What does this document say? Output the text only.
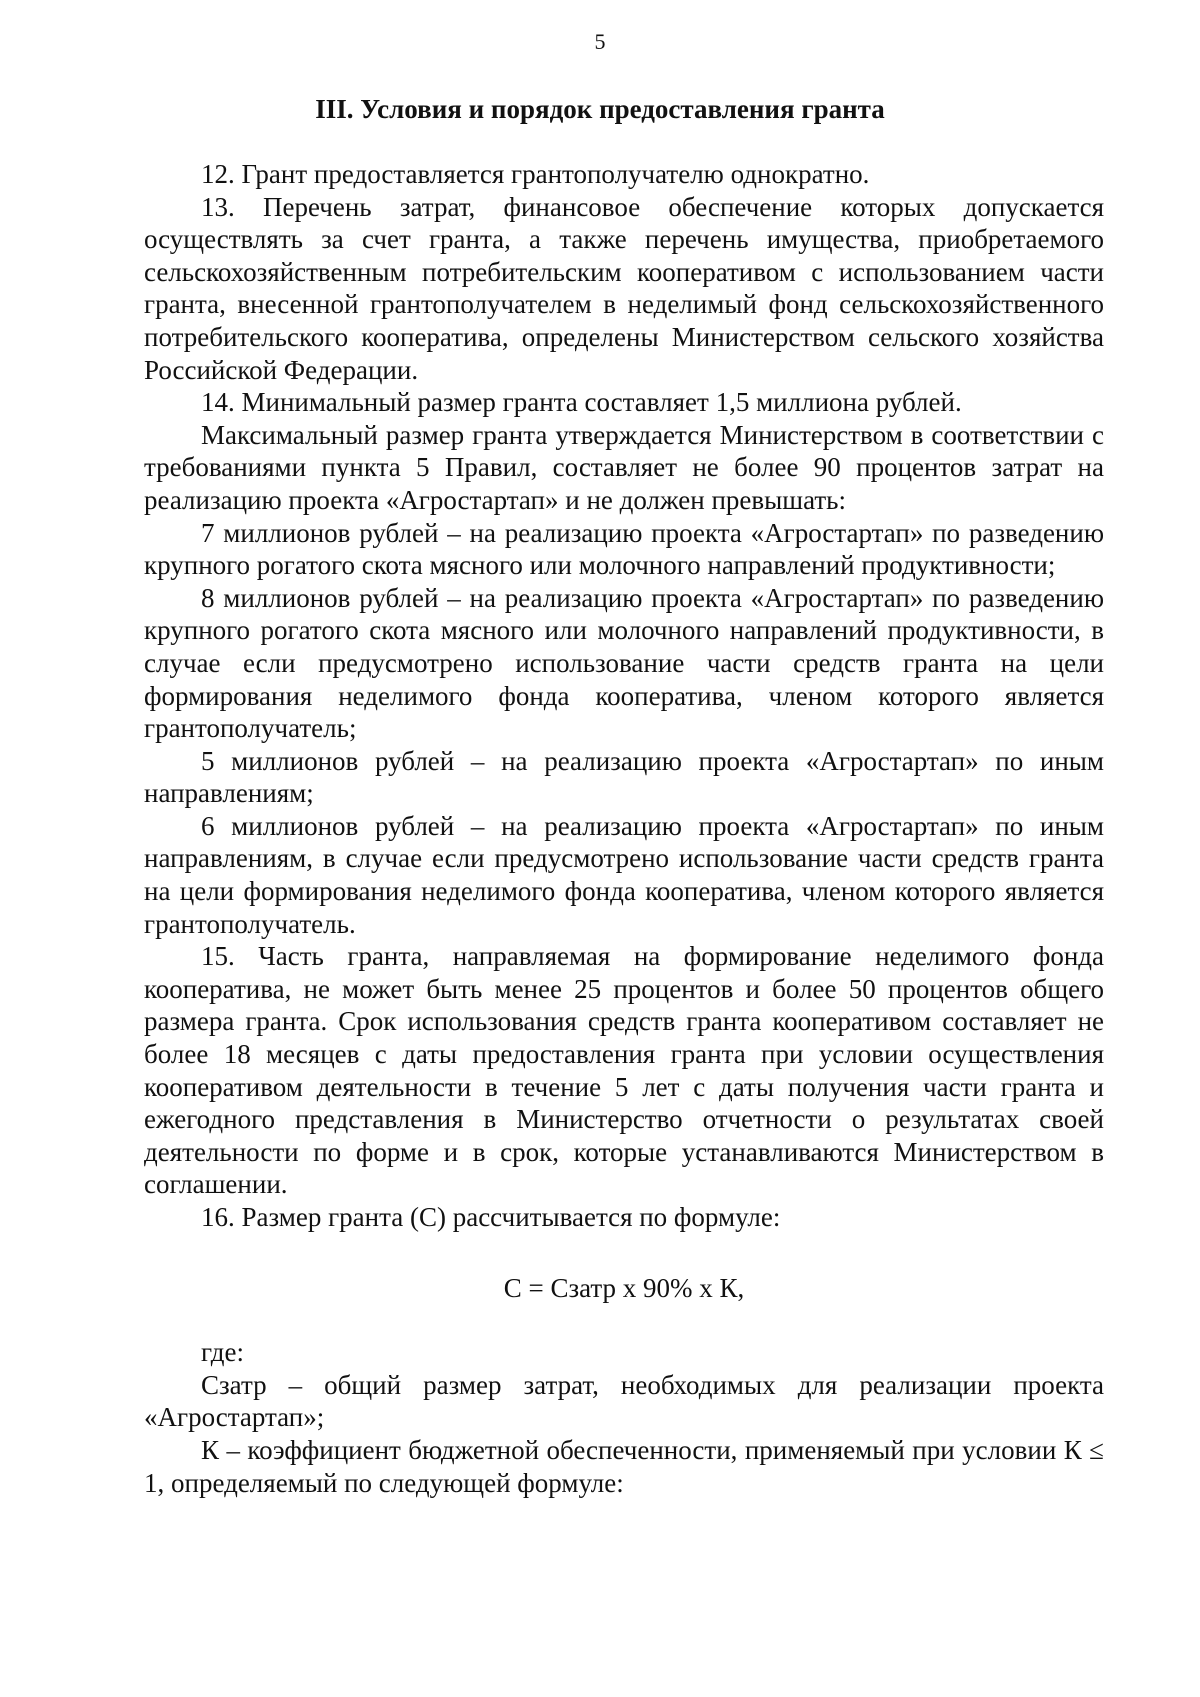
5
III. Условия и порядок предоставления гранта

12. Грант предоставляется грантополучателю однократно.

13. Перечень затрат, финансовое обеспечение которых допускается осуществлять за счет гранта, а также перечень имущества, приобретаемого сельскохозяйственным потребительским кооперативом с использованием части гранта, внесенной грантополучателем в неделимый фонд сельскохозяйственного потребительского кооператива, определены Министерством сельского хозяйства Российской Федерации.

14. Минимальный размер гранта составляет 1,5 миллиона рублей.

Максимальный размер гранта утверждается Министерством в соответствии с требованиями пункта 5 Правил, составляет не более 90 процентов затрат на реализацию проекта «Агростартап» и не должен превышать:

7 миллионов рублей – на реализацию проекта «Агростартап» по разведению крупного рогатого скота мясного или молочного направлений продуктивности;

8 миллионов рублей – на реализацию проекта «Агростартап» по разведению крупного рогатого скота мясного или молочного направлений продуктивности, в случае если предусмотрено использование части средств гранта на цели формирования неделимого фонда кооператива, членом которого является грантополучатель;

5 миллионов рублей – на реализацию проекта «Агростартап» по иным направлениям;

6 миллионов рублей – на реализацию проекта «Агростартап» по иным направлениям, в случае если предусмотрено использование части средств гранта на цели формирования неделимого фонда кооператива, членом которого является грантополучатель.

15. Часть гранта, направляемая на формирование неделимого фонда кооператива, не может быть менее 25 процентов и более 50 процентов общего размера гранта. Срок использования средств гранта кооперативом составляет не более 18 месяцев с даты предоставления гранта при условии осуществления кооперативом деятельности в течение 5 лет с даты получения части гранта и ежегодного представления в Министерство отчетности о результатах своей деятельности по форме и в срок, которые устанавливаются Министерством в соглашении.

16. Размер гранта (С) рассчитывается по формуле:

С = Сзатр х 90% х К,

где:

Сзатр – общий размер затрат, необходимых для реализации проекта «Агростартап»;

К – коэффициент бюджетной обеспеченности, применяемый при условии К ≤ 1, определяемый по следующей формуле:
